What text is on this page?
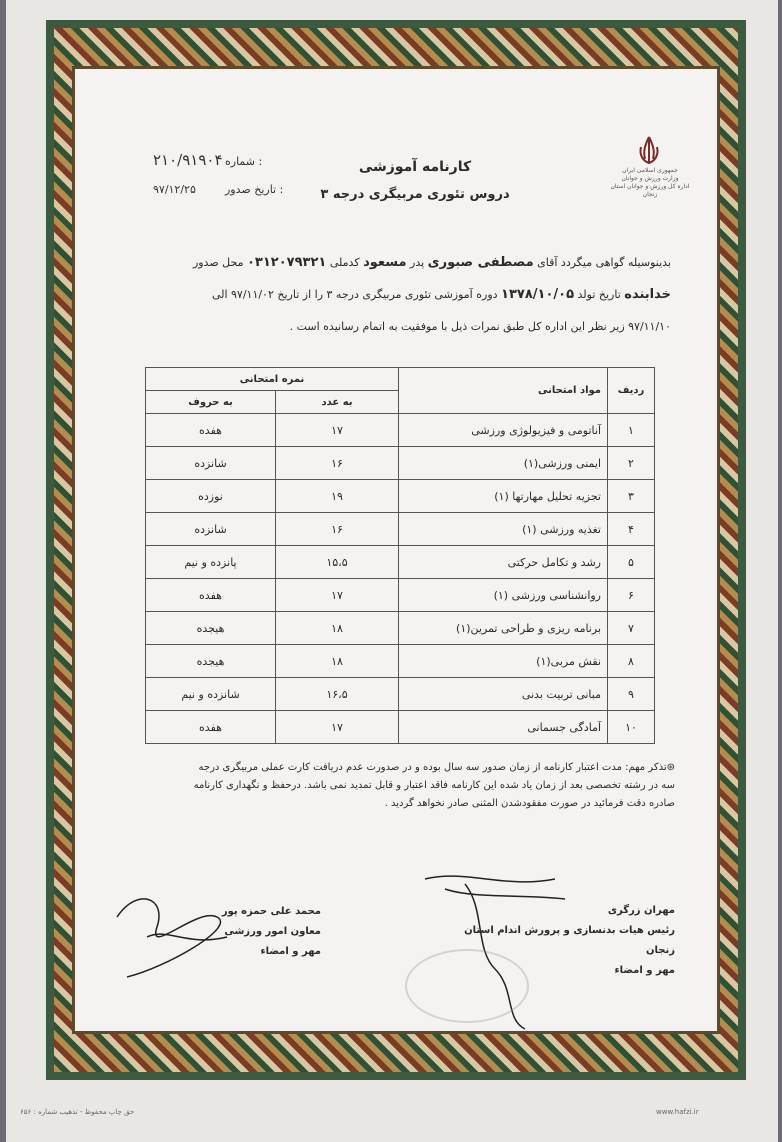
جمهوری اسلامی ایران
وزارت ورزش و جوانان
اداره کل ورزش و جوانان استان زنجان
کارنامه آموزشی
دروس تئوری مربیگری درجه ۳
شماره :
۲۱۰/۹۱۹۰۴
تاریخ صدور :
۹۷/۱۲/۲۵
بدینوسیله گواهی میگردد آقای مصطفی صبوری پدر مسعود کدملی ۰۳۱۲۰۷۹۳۲۱ محل صدور
خدابنده تاریخ تولد ۱۳۷۸/۱۰/۰۵ دوره آموزشی تئوری مربیگری درجه ۳ را از تاریخ ۹۷/۱۱/۰۲ الی
۹۷/۱۱/۱۰ زیر نظر این اداره کل طبق نمرات ذیل با موفقیت به اتمام رسانیده است .
ردیف	مواد امتحانی	نمره امتحانی	
		به عدد	به حروف
۱	آناتومی و فیزیولوژی ورزشی	۱۷	هفده
۲	ایمنی ورزشی(۱)	۱۶	شانزده
۳	تجزیه تحلیل مهارتها (۱)	۱۹	نوزده
۴	تغذیه ورزشی (۱)	۱۶	شانزده
۵	رشد و تکامل حرکتی	۱۵،۵	پانزده و نیم
۶	روانشناسی ورزشی (۱)	۱۷	هفده
۷	برنامه ریزی و طراحی تمرین(۱)	۱۸	هیجده
۸	نقش مربی(۱)	۱۸	هیجده
۹	مبانی تربیت بدنی	۱۶،۵	شانزده و نیم
۱۰	آمادگی جسمانی	۱۷	هفده
⊛تذکر مهم: مدت اعتبار کارنامه از زمان صدور سه سال بوده و در صدورت عدم دریافت کارت عملی مربیگری درجه
سه در رشته تخصصی بعد از زمان یاد شده این کارنامه فاقد اعتبار و قابل تمدید نمی باشد. درحفظ و نگهداری کارنامه
صادره دقت فرمائید در صورت مفقودشدن المثنی صادر نخواهد گردید .
محمد علی حمزه پور
معاون امور ورزشی
مهر و امضاء
مهران زرگری
رئیس هیات بدنسازی و پرورش اندام استان زنجان
مهر و امضاء
حق چاپ محفوظ - تذهیب شماره : ۶۵۶	www.hafzi.ir
